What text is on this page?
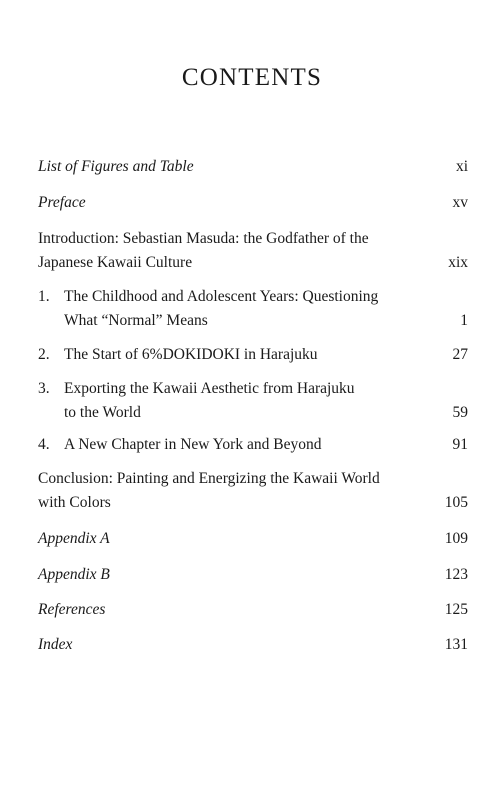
CONTENTS
List of Figures and Table	xi
Preface	xv
Introduction: Sebastian Masuda: the Godfather of the
Japanese Kawaii Culture	xix
1. The Childhood and Adolescent Years: Questioning
What “Normal” Means	1
2. The Start of 6%DOKIDOKI in Harajuku	27
3. Exporting the Kawaii Aesthetic from Harajuku
to the World	59
4. A New Chapter in New York and Beyond	91
Conclusion: Painting and Energizing the Kawaii World
with Colors	105
Appendix A	109
Appendix B	123
References	125
Index	131
